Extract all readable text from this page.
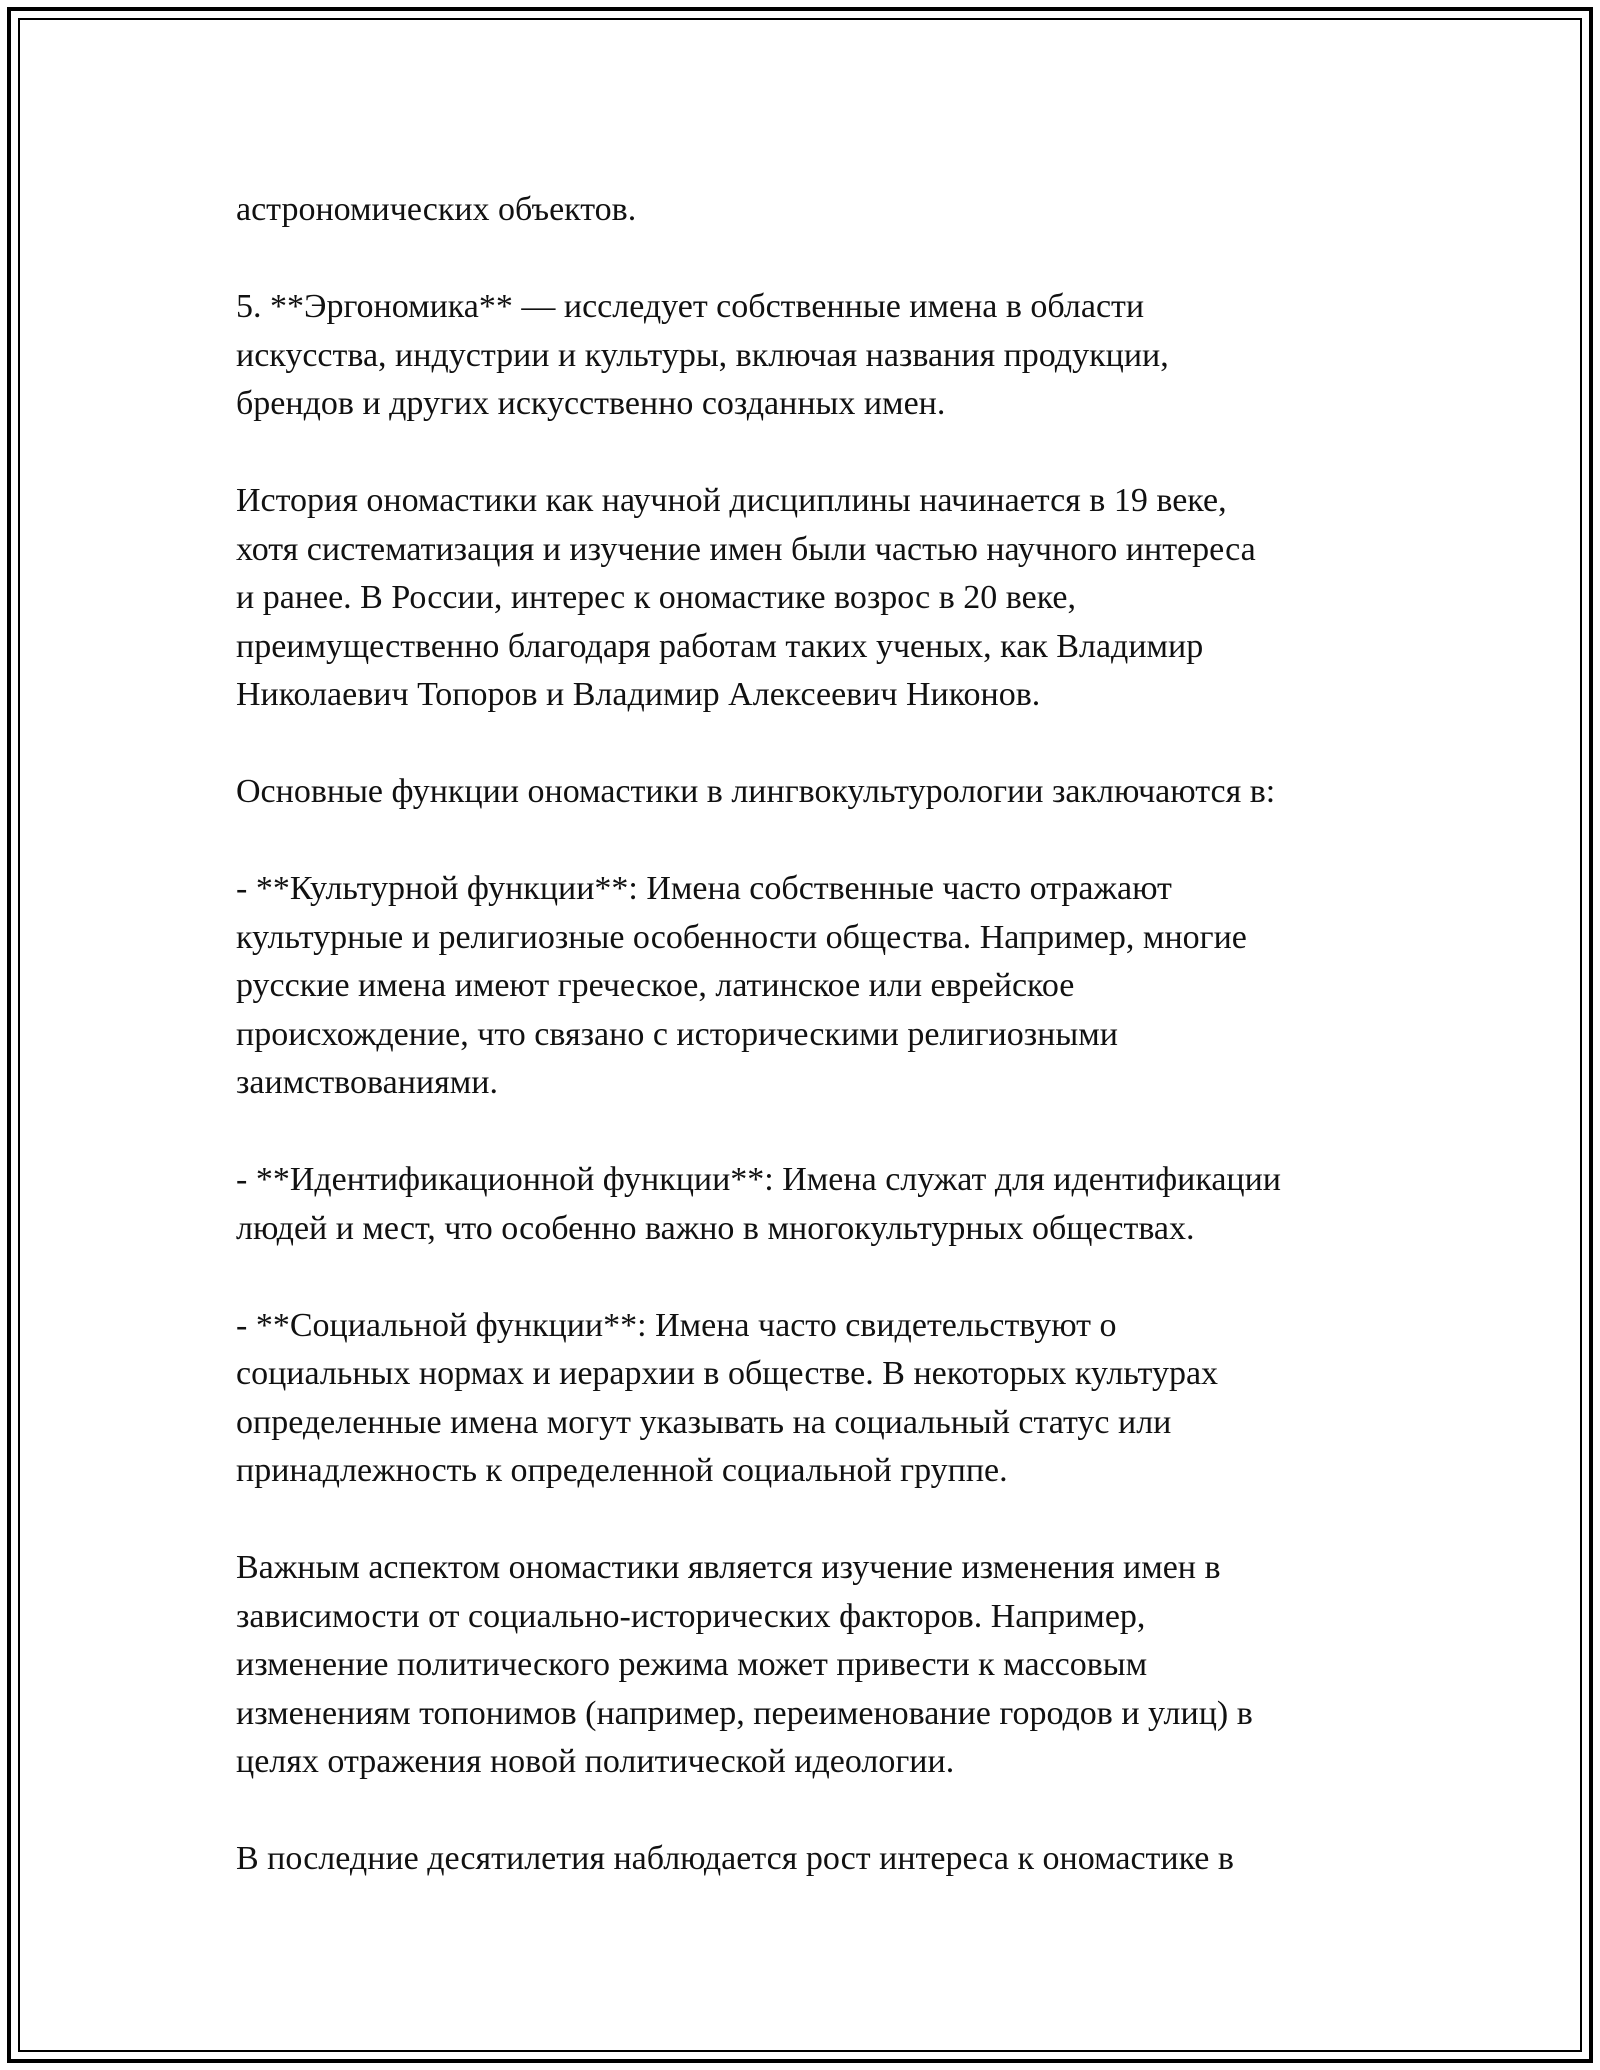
астрономических объектов.

5. **Эргономика** — исследует собственные имена в области
искусства, индустрии и культуры, включая названия продукции,
брендов и других искусственно созданных имен.

История ономастики как научной дисциплины начинается в 19 веке,
хотя систематизация и изучение имен были частью научного интереса
и ранее. В России, интерес к ономастике возрос в 20 веке,
преимущественно благодаря работам таких ученых, как Владимир
Николаевич Топоров и Владимир Алексеевич Никонов.

Основные функции ономастики в лингвокультурологии заключаются в:

- **Культурной функции**: Имена собственные часто отражают
культурные и религиозные особенности общества. Например, многие
русские имена имеют греческое, латинское или еврейское
происхождение, что связано с историческими религиозными
заимствованиями.

- **Идентификационной функции**: Имена служат для идентификации
людей и мест, что особенно важно в многокультурных обществах.

- **Социальной функции**: Имена часто свидетельствуют о
социальных нормах и иерархии в обществе. В некоторых культурах
определенные имена могут указывать на социальный статус или
принадлежность к определенной социальной группе.

Важным аспектом ономастики является изучение изменения имен в
зависимости от социально-исторических факторов. Например,
изменение политического режима может привести к массовым
изменениям топонимов (например, переименование городов и улиц) в
целях отражения новой политической идеологии.

В последние десятилетия наблюдается рост интереса к ономастике в
